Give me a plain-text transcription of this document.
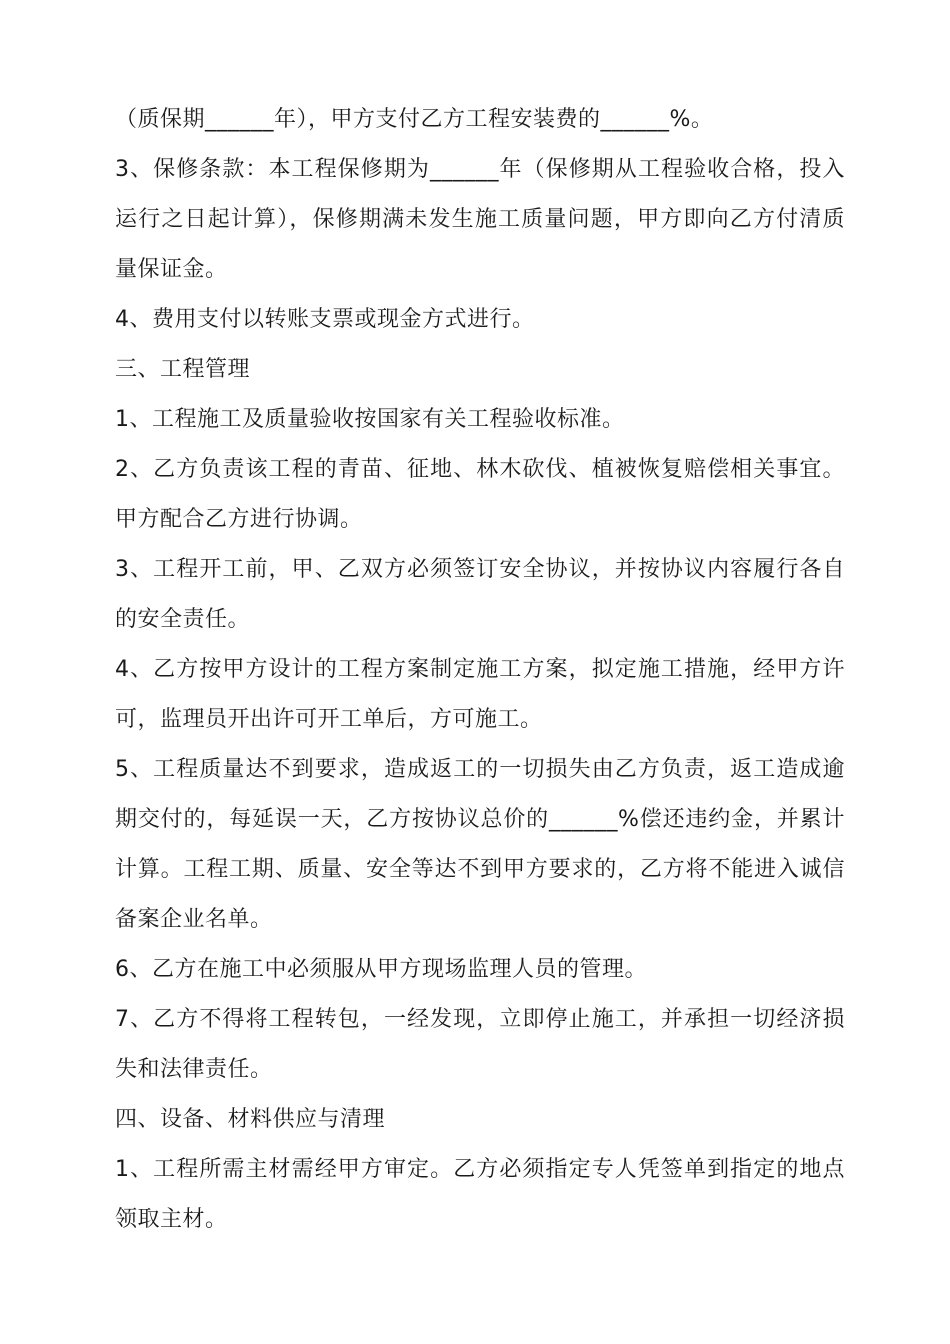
（质保期______年），甲方支付乙方工程安装费的______%。
3、保修条款：本工程保修期为______年（保修期从工程验收合格，投入
运行之日起计算），保修期满未发生施工质量问题，甲方即向乙方付清质
量保证金。
4、费用支付以转账支票或现金方式进行。
三、工程管理
1、工程施工及质量验收按国家有关工程验收标准。
2、乙方负责该工程的青苗、征地、林木砍伐、植被恢复赔偿相关事宜。
甲方配合乙方进行协调。
3、工程开工前，甲、乙双方必须签订安全协议，并按协议内容履行各自
的安全责任。
4、乙方按甲方设计的工程方案制定施工方案，拟定施工措施，经甲方许
可，监理员开出许可开工单后，方可施工。
5、工程质量达不到要求，造成返工的一切损失由乙方负责，返工造成逾
期交付的，每延误一天，乙方按协议总价的______%偿还违约金，并累计
计算。工程工期、质量、安全等达不到甲方要求的，乙方将不能进入诚信
备案企业名单。
6、乙方在施工中必须服从甲方现场监理人员的管理。
7、乙方不得将工程转包，一经发现，立即停止施工，并承担一切经济损
失和法律责任。
四、设备、材料供应与清理
1、工程所需主材需经甲方审定。乙方必须指定专人凭签单到指定的地点
领取主材。
